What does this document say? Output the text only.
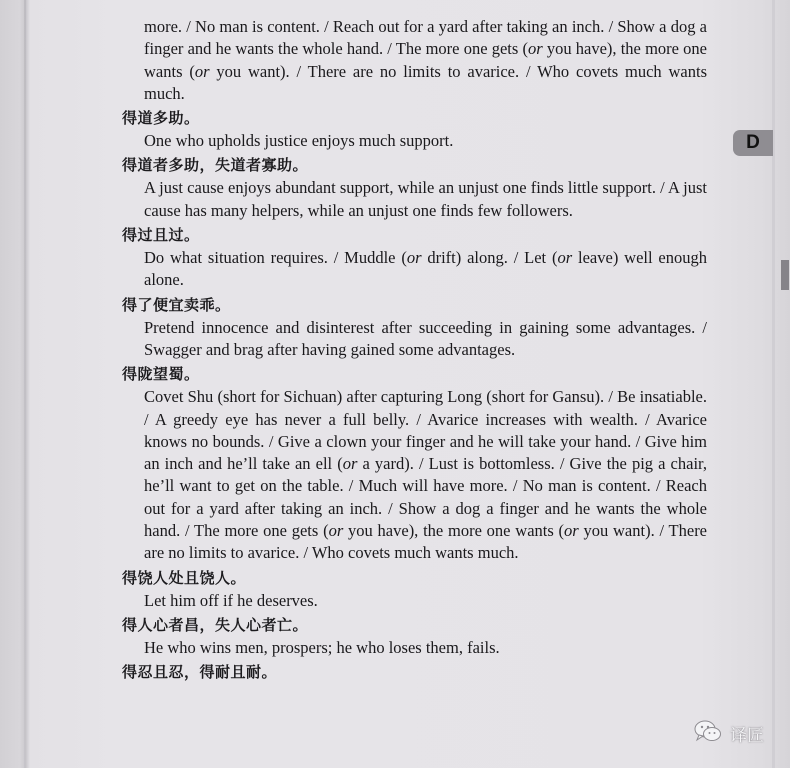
D
more. / No man is content. / Reach out for a yard after taking an inch. / Show a dog a finger and he wants the whole hand. / The more one gets (or you have), the more one wants (or you want). / There are no limits to avarice. / Who covets much wants much.
得道多助。
One who upholds justice enjoys much support.
得道者多助，失道者寡助。
A just cause enjoys abundant support, while an unjust one finds little support. / A just cause has many helpers, while an unjust one finds few followers.
得过且过。
Do what situation requires. / Muddle (or drift) along. / Let (or leave) well enough alone.
得了便宜卖乖。
Pretend innocence and disinterest after succeeding in gaining some advantages. / Swagger and brag after having gained some advantages.
得陇望蜀。
Covet Shu (short for Sichuan) after capturing Long (short for Gansu). / Be insatiable. / A greedy eye has never a full belly. / Avarice increases with wealth. / Avarice knows no bounds. / Give a clown your finger and he will take your hand. / Give him an inch and he’ll take an ell (or a yard). / Lust is bottomless. / Give the pig a chair, he’ll want to get on the table. / Much will have more. / No man is content. / Reach out for a yard after taking an inch. / Show a dog a finger and he wants the whole hand. / The more one gets (or you have), the more one wants (or you want). / There are no limits to avarice. / Who covets much wants much.
得饶人处且饶人。
Let him off if he deserves.
得人心者昌，失人心者亡。
He who wins men, prospers; he who loses them, fails.
得忍且忍，得耐且耐。
译匠
